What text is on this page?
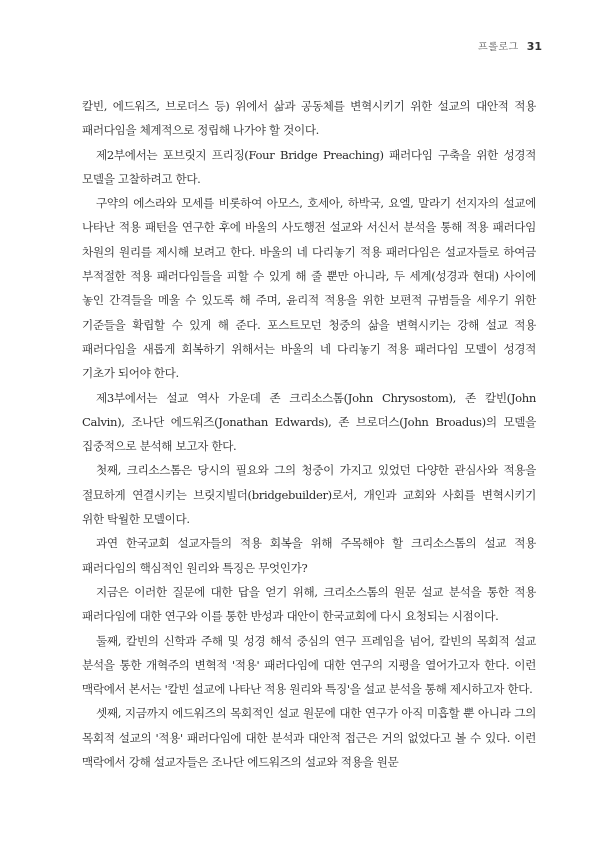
프롤로그 31

칼빈, 에드워즈, 브로더스 등) 위에서 삶과 공동체를 변혁시키기 위한 설교의 대안적 적용 패러다임을 체계적으로 정립해 나가야 할 것이다.

제2부에서는 포브릿지 프리징(Four Bridge Preaching) 패러다임 구축을 위한 성경적 모델을 고찰하려고 한다.

구약의 에스라와 모세를 비롯하여 아모스, 호세아, 하박국, 요엘, 말라기 선지자의 설교에 나타난 적용 패턴을 연구한 후에 바울의 사도행전 설교와 서신서 분석을 통해 적용 패러다임 차원의 원리를 제시해 보려고 한다. 바울의 네 다리놓기 적용 패러다임은 설교자들로 하여금 부적절한 적용 패러다임들을 피할 수 있게 해 줄 뿐만 아니라, 두 세계(성경과 현대) 사이에 놓인 간격들을 메울 수 있도록 해 주며, 윤리적 적용을 위한 보편적 규범들을 세우기 위한 기준들을 확립할 수 있게 해 준다. 포스트모던 청중의 삶을 변혁시키는 강해 설교 적용 패러다임을 새롭게 회복하기 위해서는 바울의 네 다리놓기 적용 패러다임 모델이 성경적 기초가 되어야 한다.

제3부에서는 설교 역사 가운데 존 크리소스톰(John Chrysostom), 존 칼빈(John Calvin), 조나단 에드워즈(Jonathan Edwards), 존 브로더스(John Broadus)의 모델을 집중적으로 분석해 보고자 한다.

첫째, 크리소스톰은 당시의 필요와 그의 청중이 가지고 있었던 다양한 관심사와 적용을 절묘하게 연결시키는 브릿지빌더(bridgebuilder)로서, 개인과 교회와 사회를 변혁시키기 위한 탁월한 모델이다.

과연 한국교회 설교자들의 적용 회복을 위해 주목해야 할 크리소스톰의 설교 적용 패러다임의 핵심적인 원리와 특징은 무엇인가?

지금은 이러한 질문에 대한 답을 얻기 위해, 크리소스톰의 원문 설교 분석을 통한 적용 패러다임에 대한 연구와 이를 통한 반성과 대안이 한국교회에 다시 요청되는 시점이다.

둘째, 칼빈의 신학과 주해 및 성경 해석 중심의 연구 프레임을 넘어, 칼빈의 목회적 설교 분석을 통한 개혁주의 변혁적 '적용' 패러다임에 대한 연구의 지평을 열어가고자 한다. 이런 맥락에서 본서는 '칼빈 설교에 나타난 적용 원리와 특징'을 설교 분석을 통해 제시하고자 한다.

셋째, 지금까지 에드워즈의 목회적인 설교 원문에 대한 연구가 아직 미흡할 뿐 아니라 그의 목회적 설교의 '적용' 패러다임에 대한 분석과 대안적 접근은 거의 없었다고 볼 수 있다. 이런 맥락에서 강해 설교자들은 조나단 에드워즈의 설교와 적용을 원문
